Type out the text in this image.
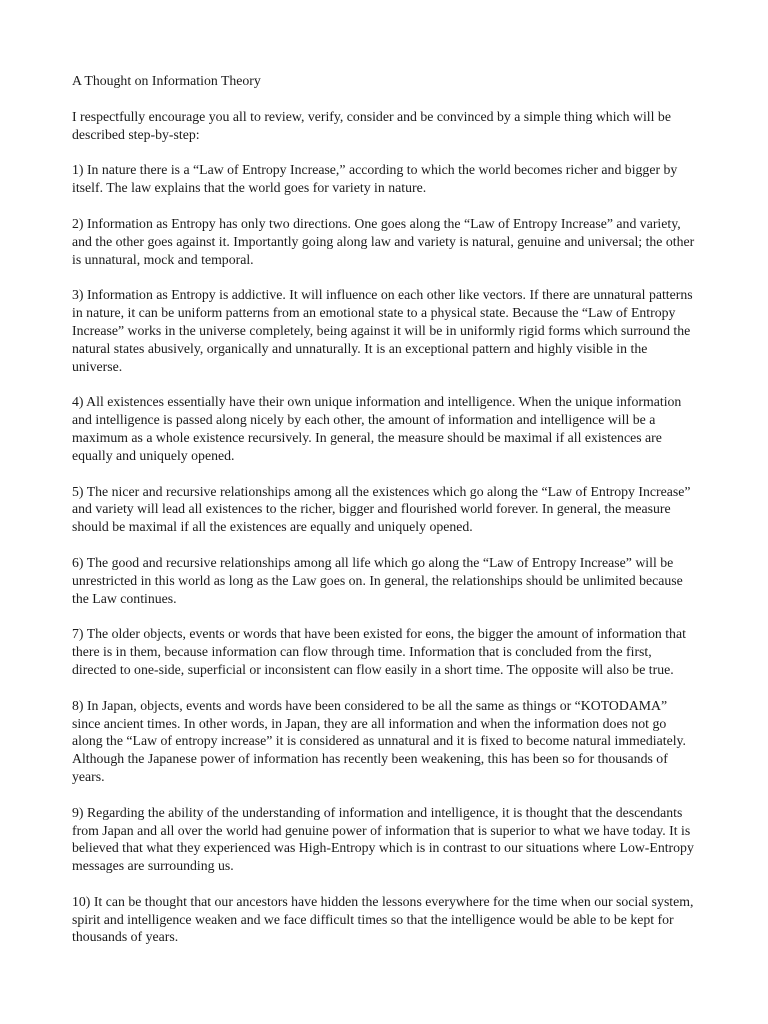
A Thought on Information Theory

I respectfully encourage you all to review, verify, consider and be convinced by a simple thing which will be described step-by-step:

1) In nature there is a “Law of Entropy Increase,” according to which the world becomes richer and bigger by itself. The law explains that the world goes for variety in nature.

2) Information as Entropy has only two directions. One goes along the “Law of Entropy Increase” and variety, and the other goes against it. Importantly going along law and variety is natural, genuine and universal; the other is unnatural, mock and temporal.

3) Information as Entropy is addictive. It will influence on each other like vectors. If there are unnatural patterns in nature, it can be uniform patterns from an emotional state to a physical state. Because the “Law of Entropy Increase” works in the universe completely, being against it will be in uniformly rigid forms which surround the natural states abusively, organically and unnaturally. It is an exceptional pattern and highly visible in the universe.

4) All existences essentially have their own unique information and intelligence. When the unique information and intelligence is passed along nicely by each other, the amount of information and intelligence will be a maximum as a whole existence recursively. In general, the measure should be maximal if all existences are equally and uniquely opened.

5) The nicer and recursive relationships among all the existences which go along the “Law of Entropy Increase” and variety will lead all existences to the richer, bigger and flourished world forever. In general, the measure should be maximal if all the existences are equally and uniquely opened.

6) The good and recursive relationships among all life which go along the “Law of Entropy Increase” will be unrestricted in this world as long as the Law goes on. In general, the relationships should be unlimited because the Law continues.

7) The older objects, events or words that have been existed for eons, the bigger the amount of information that there is in them, because information can flow through time. Information that is concluded from the first, directed to one-side, superficial or inconsistent can flow easily in a short time. The opposite will also be true.

8) In Japan, objects, events and words have been considered to be all the same as things or “KOTODAMA” since ancient times. In other words, in Japan, they are all information and when the information does not go along the “Law of entropy increase” it is considered as unnatural and it is fixed to become natural immediately. Although the Japanese power of information has recently been weakening, this has been so for thousands of years.

9) Regarding the ability of the understanding of information and intelligence, it is thought that the descendants from Japan and all over the world had genuine power of information that is superior to what we have today. It is believed that what they experienced was High-Entropy which is in contrast to our situations where Low-Entropy messages are surrounding us.

10) It can be thought that our ancestors have hidden the lessons everywhere for the time when our social system, spirit and intelligence weaken and we face difficult times so that the intelligence would be able to be kept for thousands of years.
